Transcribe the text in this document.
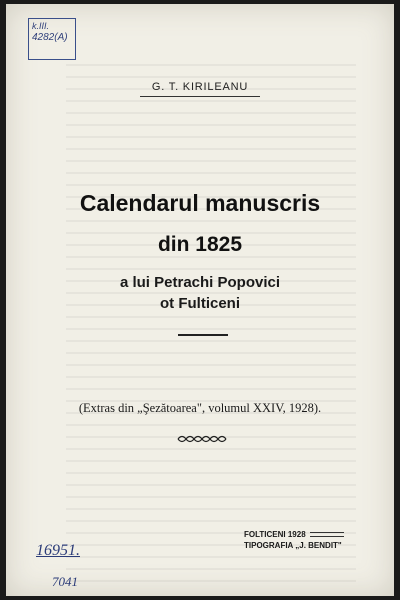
k.III.
4282(A)
G. T. KIRILEANU
Calendarul manuscris
din 1825
a lui Petrachi Popovici
ot Fulticeni
(Extras din „Şezătoarea", volumul XXIV, 1928).
FOLTICENI 1928
TIPOGRAFIA „J. BENDIT"
16951.
7041
